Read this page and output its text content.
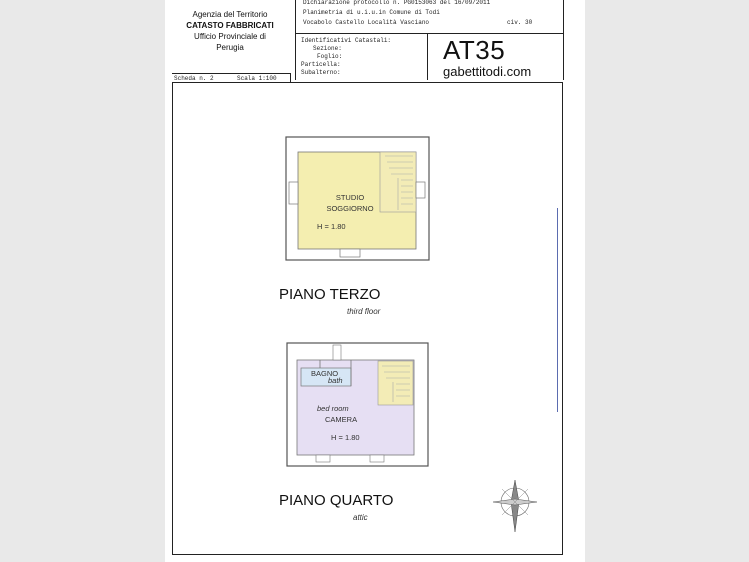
Agenzia del Territorio
CATASTO FABBRICATI
Ufficio Provinciale di
Perugia
Dichiarazione protocollo n. PG0153063 del 16/09/2011
Planimetria di u.i.u.in Comune di Todi
Vocabolo Castello Località Vasciano	civ. 30
Identificativi Catastali:
Sezione:
Foglio:
Particella:
Subalterno:
AT35
gabettitodi.com
Scheda n. 2	Scala 1:100
STUDIO
SOGGIORNO
H = 1.80
PIANO TERZO
third floor
BAGNO
bath
bed room
CAMERA
H = 1.80
PIANO QUARTO
attic
